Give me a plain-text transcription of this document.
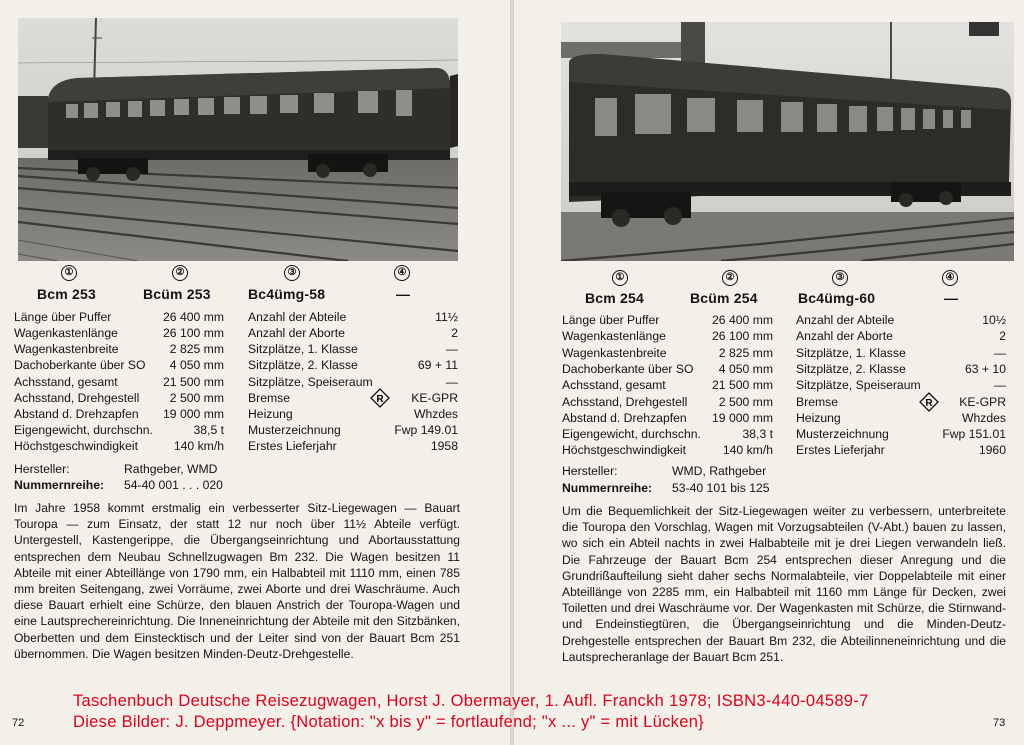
①	②	③	④
Bcm 253	Bcüm 253	Bc4ümg-58	—
Länge über Puffer	26 400 mm
Wagenkastenlänge	26 100 mm
Wagenkastenbreite	2 825 mm
Dachoberkante über SO 4 050 mm
Achsstand, gesamt	21 500 mm
Achsstand, Drehgestell 2 500 mm
Abstand d. Drehzapfen 19 000 mm
Eigengewicht, durchschn.	38,5 t
Höchstgeschwindigkeit	140 km/h
Anzahl der Abteile	11½
Anzahl der Aborte	2
Sitzplätze, 1. Klasse	—
Sitzplätze, 2. Klasse	69 + 11
Sitzplätze, Speiseraum	—
Bremse	KE-GPR
R
Heizung	Whzdes
Musterzeichnung	Fwp 149.01
Erstes Lieferjahr	1958
Hersteller:	Rathgeber, WMD
Nummernreihe: 54-40 001 . . . 020
Im Jahre 1958 kommt erstmalig ein verbesserter Sitz-Liegewagen — Bauart Touropa — zum Einsatz, der statt 12 nur noch über 11½ Abteile verfügt. Untergestell, Kastengerippe, die Übergangseinrichtung und Abortausstattung entsprechen dem Neubau Schnellzugwagen Bm 232. Die Wagen besitzen 11 Abteile mit einer Abteillänge von 1790 mm, ein Halbabteil mit 1110 mm, einen 785 mm breiten Seitengang, zwei Vorräume, zwei Aborte und drei Waschräume. Auch diese Bauart erhielt eine Schürze, den blauen Anstrich der Touropa-Wagen und eine Lautsprechereinrichtung. Die Inneneinrichtung der Abteile mit den Sitzbänken, Oberbetten und dem Einstecktisch und der Leiter sind von der Bauart Bcm 251 übernommen. Die Wagen besitzen Minden-Deutz-Drehgestelle.
72
①	②	③	④
Bcm 254	Bcüm 254	Bc4ümg-60	—
Länge über Puffer	26 400 mm
Wagenkastenlänge	26 100 mm
Wagenkastenbreite	2 825 mm
Dachoberkante über SO 4 050 mm
Achsstand, gesamt	21 500 mm
Achsstand, Drehgestell	2 500 mm
Abstand d. Drehzapfen 19 000 mm
Eigengewicht, durchschn.	38,3 t
Höchstgeschwindigkeit	140 km/h
Anzahl der Abteile	10½
Anzahl der Aborte	2
Sitzplätze, 1. Klasse	—
Sitzplätze, 2. Klasse	63 + 10
Sitzplätze, Speiseraum	—
Bremse	KE-GPR
R
Heizung	Whzdes
Musterzeichnung	Fwp 151.01
Erstes Lieferjahr	1960
Hersteller:	WMD, Rathgeber
Nummernreihe: 53-40 101 bis 125
Um die Bequemlichkeit der Sitz-Liegewagen weiter zu verbessern, unterbreitete die Touropa den Vorschlag, Wagen mit Vorzugsabteilen (V-Abt.) bauen zu lassen, wo sich ein Abteil nachts in zwei Halbabteile mit je drei Liegen verwandeln ließ. Die Fahrzeuge der Bauart Bcm 254 entsprechen dieser Anregung und die Grundrißaufteilung sieht daher sechs Normalabteile, vier Doppelabteile mit einer Abteillänge von 2285 mm, ein Halbabteil mit 1160 mm Länge für Decken, zwei Toiletten und drei Waschräume vor. Der Wagenkasten mit Schürze, die Stirnwand- und Endeinstiegtüren, die Übergangseinrichtung und die Minden-Deutz-Drehgestelle entsprechen der Bauart Bm 232, die Abteilinneneinrichtung und die Lautsprecheranlage der Bauart Bcm 251.
73
Taschenbuch Deutsche Reisezugwagen, Horst J. Obermayer, 1. Aufl. Franckh 1978; ISBN3-440-04589-7
Diese Bilder: J. Deppmeyer. {Notation: "x bis y" = fortlaufend; "x ... y" = mit Lücken}
